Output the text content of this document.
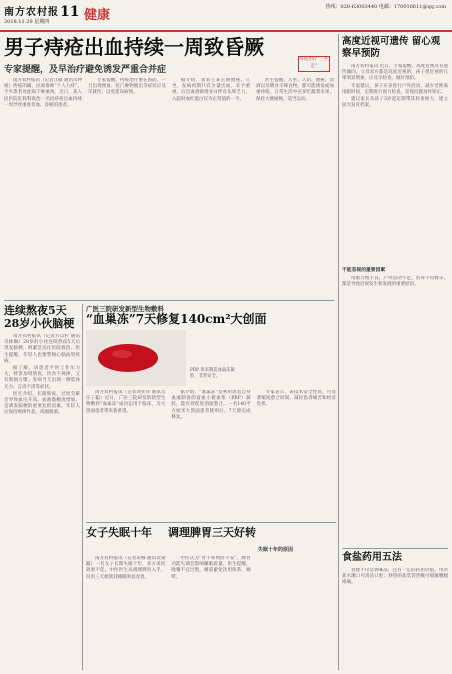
南方农村报
2018.11.29 星期四
11 健康
热线：020-63003440 电邮：170016611@qq.com
男子痔疮出血持续一周致昏厥
专家提醒，及早治疗避免诱发严重合并症
痔疮治疗“三步走”

南方农村报讯（记者江敏 通讯员钟娟）痔疮的确，民间俗称“十人九痔”，不少患者对此病不够重视。近日，某人民医院肛肠科收治一名因痔疮出血持续一周导致重度贫血、昏厥的患者。

专家提醒，痔疮治疗重在预防，一旦出现便血、肛门肿物脱出等症状应及早就医，以免延误病情。

据介绍，患者王某长期便秘、久坐，发病初期只有少量出血，未予重视，后出血逐渐增多并伴有头晕乏力，入院时血红蛋白仅为正常值的一半。

医生提醒，久坐、久站、便秘、饮酒以及嗜食辛辣食物，都可能诱发或加重痔疮。日常生活中应多吃蔬菜水果，保持大便通畅，适当运动。

连续熬夜5天 28岁小伙脑梗

南方农村报讯（记者方以柠 通讯员林琳）28岁的小伙连续熬夜5天后突发脑梗，被紧急送往医院救治。医生提醒，年轻人也要警惕心脑血管疾病。

据了解，该患者平时工作压力大，经常加班熬夜，饮食不规律，又有吸烟习惯。发病当天出现一侧肢体无力、言语不清等症状。

医生介绍，长期熬夜、过度劳累会导致血压升高、血液黏稠度增加，是诱发脑梗的重要危险因素。年轻人应保持规律作息，戒烟限酒。

广医三院研发新型生物敷料
“血巢冻”7天修复140cm²大创面
PRP 用来制造血巢冻凝胶，非常安全。

南方农村报讯（记者刘亚洋 通讯员汪子聪）近日，广医三院研发的新型生物敷料“血巢冻”成功运用于临床，为大创面患者带来新希望。

据介绍，“血巢冻”是利用患者自身血液制备的富血小板血浆（PRP）凝胶，能有效促进创面愈合。一名140平方厘米大创面患者使用后，7天即完成修复。

专家表示，该技术安全性高，可显著缩短愈合时间，减轻患者痛苦和经济负担。

女子失眠十年	调理脾胃三天好转
失眠十年的原因

南方农村报讯（记者朱娜 通讯员梁颖）一名女子长期失眠十年，多方求医效果不佳。中医医生从调理脾胃入手，仅用三天便使其睡眠明显改善。

中医认为“胃不和则卧不安”，脾胃功能失调会影响睡眠质量。医生提醒，晚餐不宜过饱，睡前避免饮用浓茶、咖啡。

高度近视可遗传 留心观察早预防

南方农村报讯 近日，专家提醒，高度近视具有遗传倾向，父母双方都是高度近视的，孩子患近视的几率明显增加，应及早检查，做好预防。

专家建议，孩子应多进行户外活动，减少近距离用眼时间，定期进行视力检查，发现问题及时矫正。

建议家长从孩子3岁起定期带其检查视力，建立屈光发育档案。

不能忽视的重要因素

用眼习惯不良、户外活动不足、营养不均衡等，都是导致近视发生和发展的重要原因。

食盐药用五法

食盐不仅是调味品，还有一定的药用价值。用淡盐水漱口可清洁口腔；炒热的盐装袋热敷可缓解腰腿疼痛。
